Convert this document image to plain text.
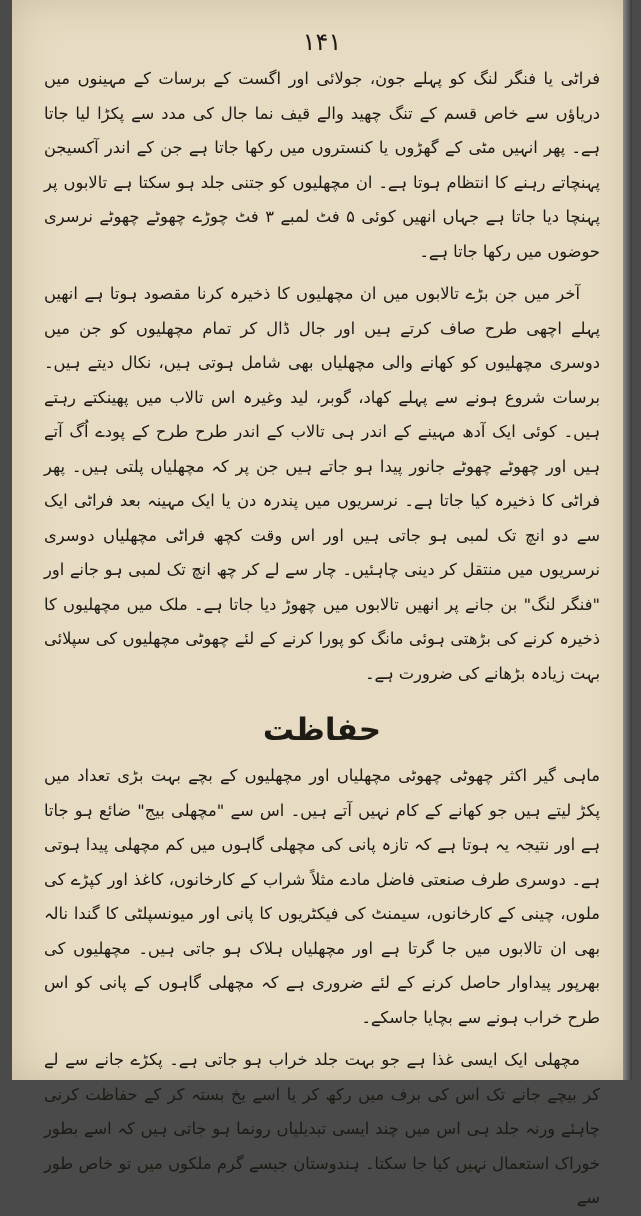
۱۴۱

فراٹی یا فنگر لنگ کو پہلے جون، جولائی اور اگست کے برسات کے مہینوں میں دریاؤں سے خاص قسم کے تنگ چھید والے قیف نما جال کی مدد سے پکڑا لیا جاتا ہے۔ پھر انہیں مٹی کے گھڑوں یا کنستروں میں رکھا جاتا ہے جن کے اندر آکسیجن پہنچاتے رہنے کا انتظام ہوتا ہے۔ ان مچھلیوں کو جتنی جلد ہو سکتا ہے تالابوں پر پہنچا دیا جاتا ہے جہاں انھیں کوئی ۵ فٹ لمبے ۳ فٹ چوڑے چھوٹے چھوٹے نرسری حوضوں میں رکھا جاتا ہے۔

آخر میں جن بڑے تالابوں میں ان مچھلیوں کا ذخیرہ کرنا مقصود ہوتا ہے انھیں پہلے اچھی طرح صاف کرتے ہیں اور جال ڈال کر تمام مچھلیوں کو جن میں دوسری مچھلیوں کو کھانے والی مچھلیاں بھی شامل ہوتی ہیں، نکال دیتے ہیں۔ برسات شروع ہونے سے پہلے کھاد، گوبر، لید وغیرہ اس تالاب میں پھینکتے رہتے ہیں۔ کوئی ایک آدھ مہینے کے اندر ہی تالاب کے اندر طرح طرح کے پودے اُگ آتے ہیں اور چھوٹے چھوٹے جانور پیدا ہو جاتے ہیں جن پر کہ مچھلیاں پلتی ہیں۔ پھر فراٹی کا ذخیرہ کیا جاتا ہے۔ نرسریوں میں پندرہ دن یا ایک مہینہ بعد فراٹی ایک سے دو انچ تک لمبی ہو جاتی ہیں اور اس وقت کچھ فراٹی مچھلیاں دوسری نرسریوں میں منتقل کر دینی چاہئیں۔ چار سے لے کر چھ انچ تک لمبی ہو جانے اور "فنگر لنگ" بن جانے پر انھیں تالابوں میں چھوڑ دیا جاتا ہے۔ ملک میں مچھلیوں کا ذخیرہ کرنے کی بڑھتی ہوئی مانگ کو پورا کرنے کے لئے چھوٹی مچھلیوں کی سپلائی بہت زیادہ بڑھانے کی ضرورت ہے۔

حفاظت

ماہی گیر اکثر چھوٹی چھوٹی مچھلیاں اور مچھلیوں کے بچے بہت بڑی تعداد میں پکڑ لیتے ہیں جو کھانے کے کام نہیں آتے ہیں۔ اس سے "مچھلی بیج" ضائع ہو جاتا ہے اور نتیجہ یہ ہوتا ہے کہ تازہ پانی کی مچھلی گاہوں میں کم مچھلی پیدا ہوتی ہے۔ دوسری طرف صنعتی فاضل مادے مثلاً شراب کے کارخانوں، کاغذ اور کپڑے کی ملوں، چینی کے کارخانوں، سیمنٹ کی فیکٹریوں کا پانی اور میونسپلٹی کا گندا نالہ بھی ان تالابوں میں جا گرتا ہے اور مچھلیاں ہلاک ہو جاتی ہیں۔ مچھلیوں کی بھرپور پیداوار حاصل کرنے کے لئے ضروری ہے کہ مچھلی گاہوں کے پانی کو اس طرح خراب ہونے سے بچایا جاسکے۔

مچھلی ایک ایسی غذا ہے جو بہت جلد خراب ہو جاتی ہے۔ پکڑے جانے سے لے کر بیچے جانے تک اس کی برف میں رکھ کر یا اسے یخ بستہ کر کے حفاظت کرنی چاہئے ورنہ جلد ہی اس میں چند ایسی تبدیلیاں رونما ہو جاتی ہیں کہ اسے بطور خوراک استعمال نہیں کیا جا سکتا۔ ہندوستان جیسے گرم ملکوں میں تو خاص طور سے
